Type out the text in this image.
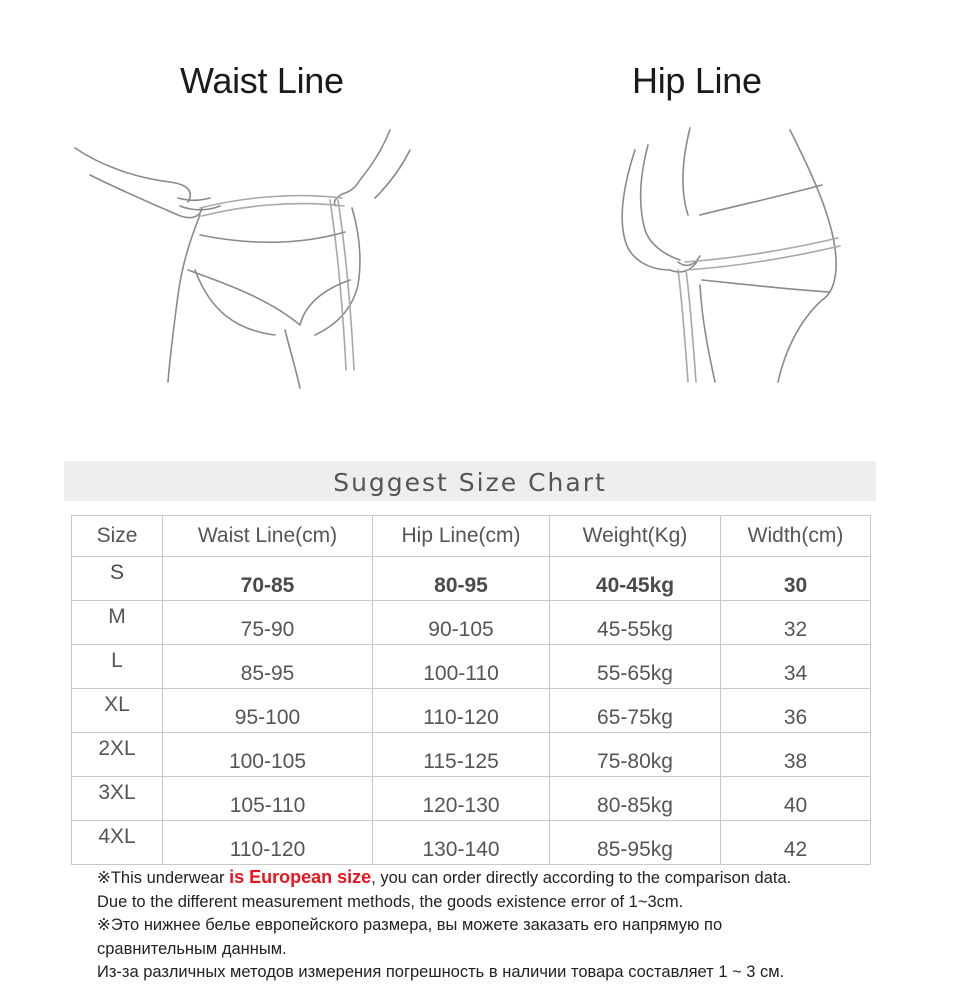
Waist Line	Hip Line
Suggest Size Chart
Size	Waist Line(cm)	Hip Line(cm)	Weight(Kg)	Width(cm)
S	70-85	80-95	40-45kg	30
M	75-90	90-105	45-55kg	32
L	85-95	100-110	55-65kg	34
XL	95-100	110-120	65-75kg	36
2XL	100-105	115-125	75-80kg	38
3XL	105-110	120-130	80-85kg	40
4XL	110-120	130-140	85-95kg	42

※This underwear is European size, you can order directly according to the comparison data.

Due to the different measurement methods, the goods existence error of 1~3cm.

※Это нижнее белье европейского размера, вы можете заказать его напрямую по

сравнительным данным.

Из-за различных методов измерения погрешность в наличии товара составляет 1 ~ 3 см.
